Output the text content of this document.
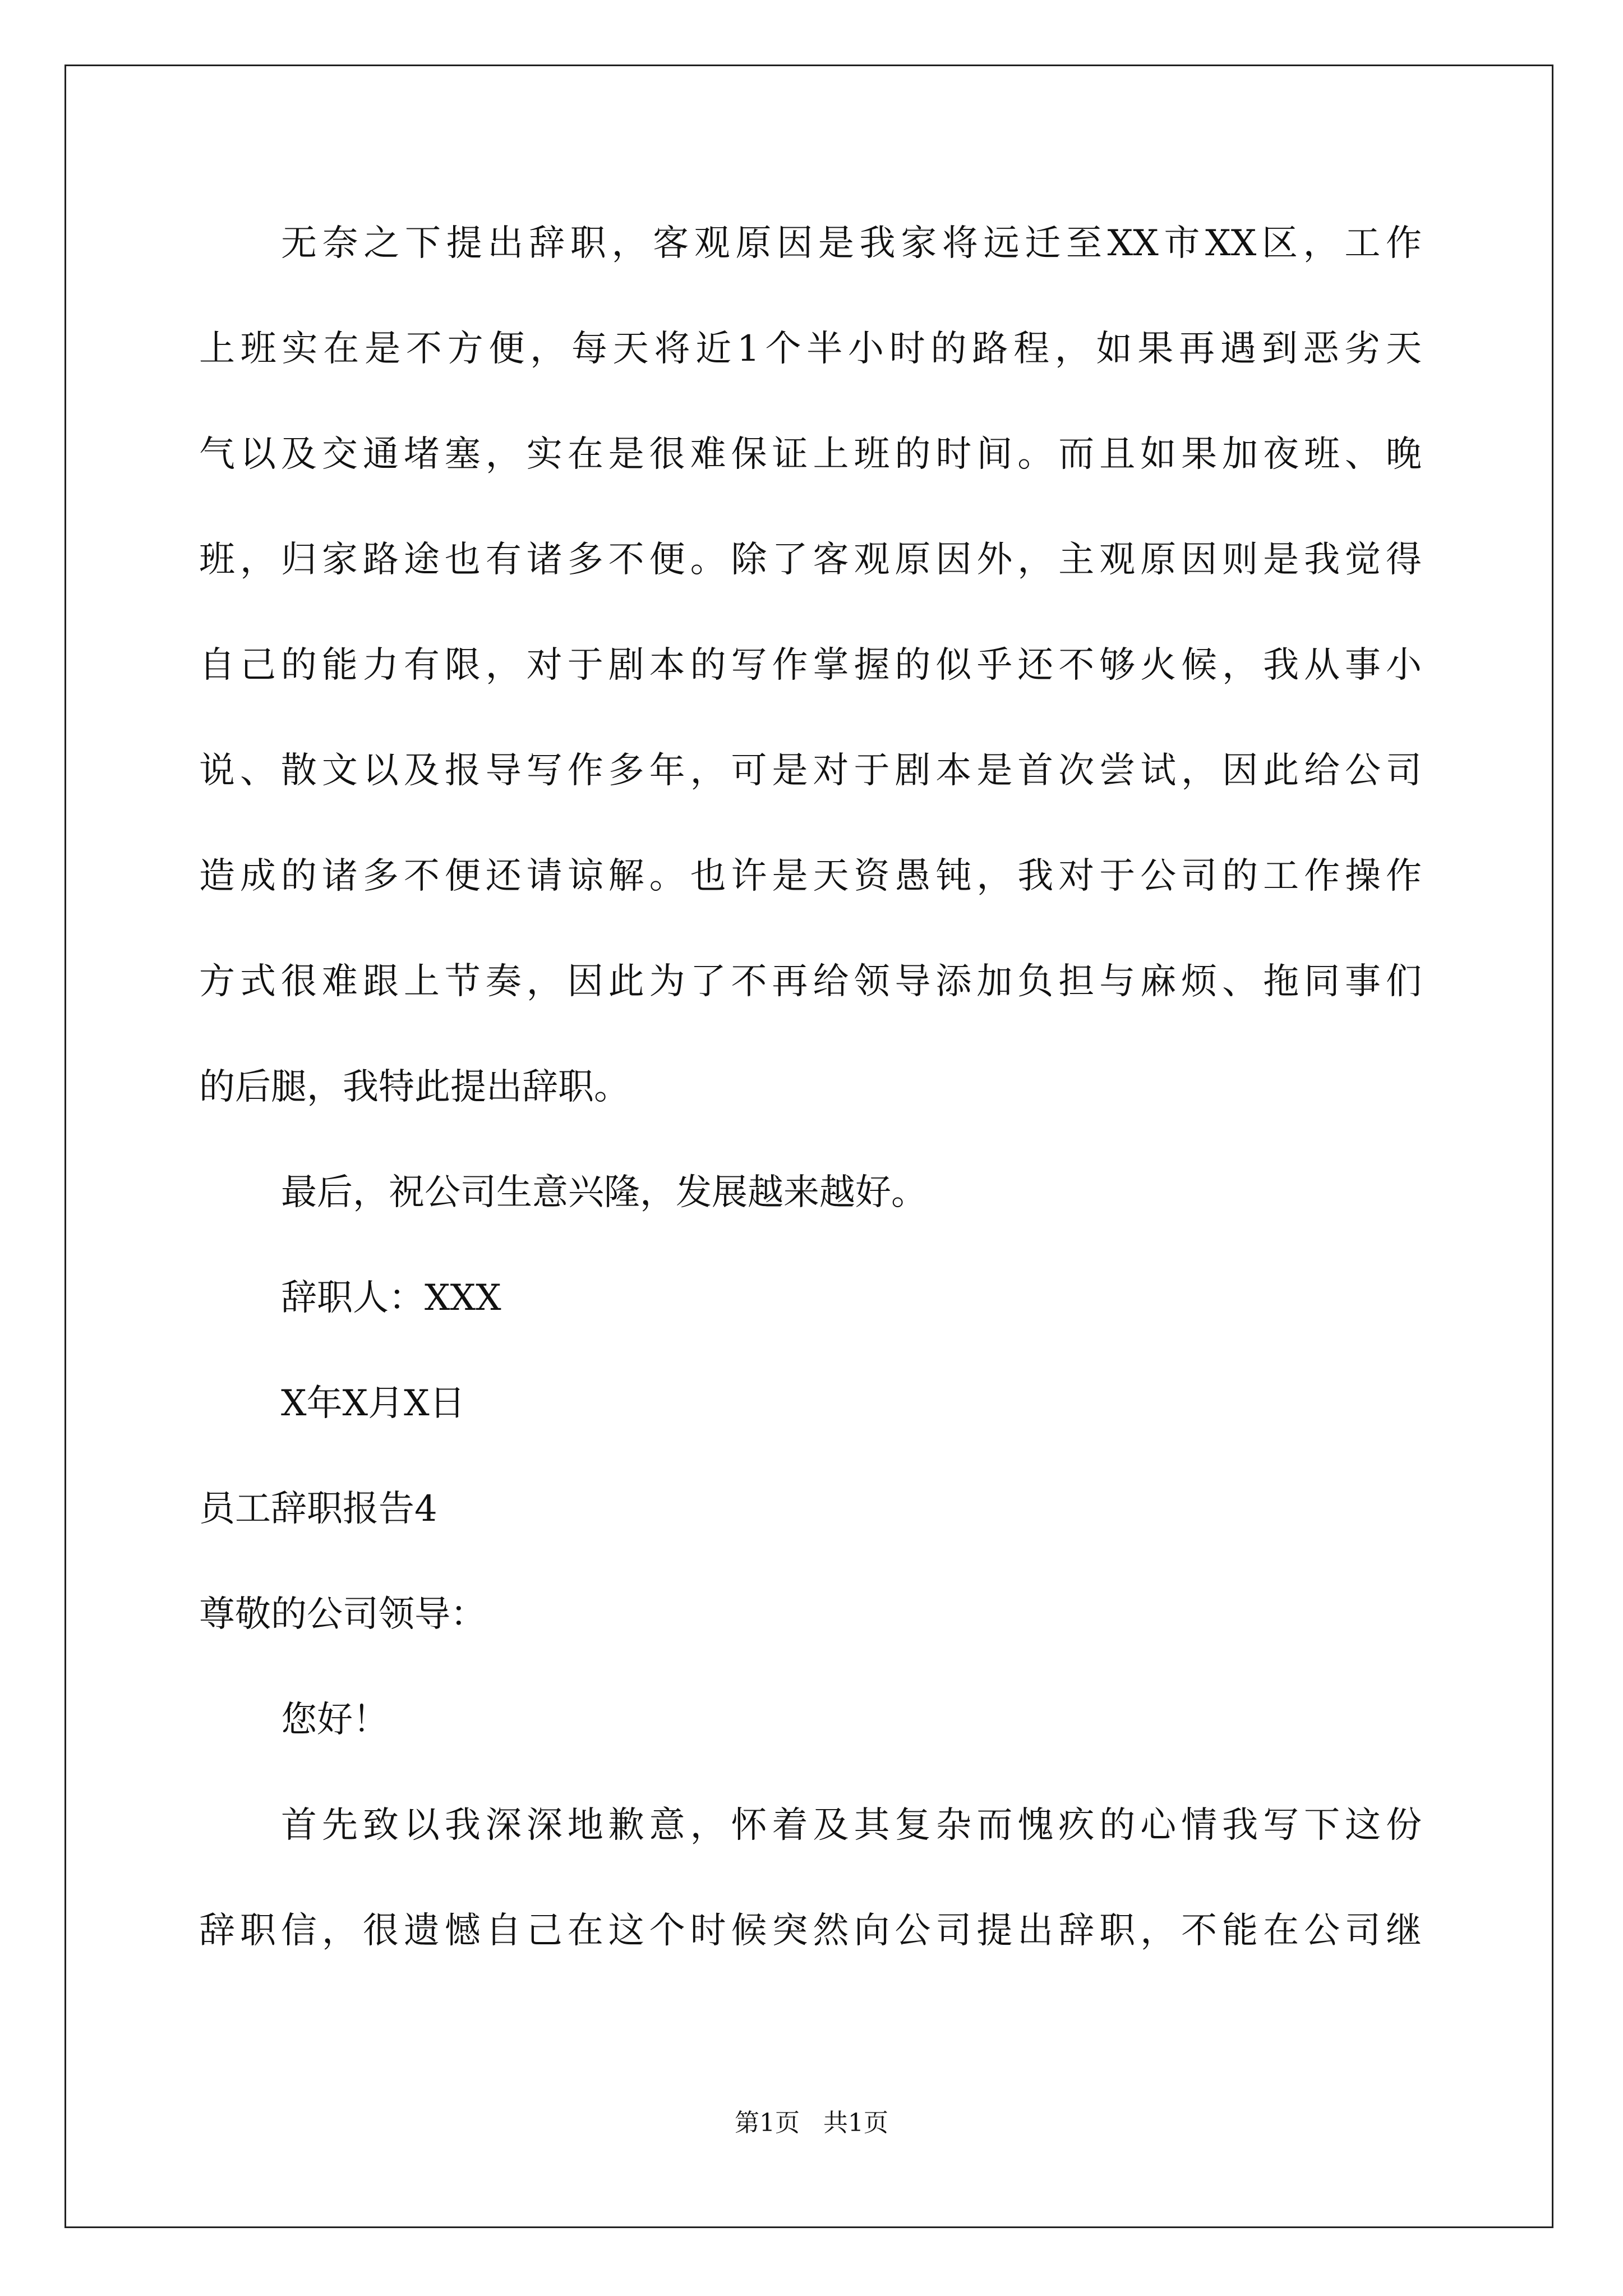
无奈之下提出辞职，客观原因是我家将远迁至XX市XX区，工作
上班实在是不方便，每天将近1个半小时的路程，如果再遇到恶劣天
气以及交通堵塞，实在是很难保证上班的时间。而且如果加夜班、晚
班，归家路途也有诸多不便。除了客观原因外，主观原因则是我觉得
自己的能力有限，对于剧本的写作掌握的似乎还不够火候，我从事小
说、散文以及报导写作多年，可是对于剧本是首次尝试，因此给公司
造成的诸多不便还请谅解。也许是天资愚钝，我对于公司的工作操作
方式很难跟上节奏，因此为了不再给领导添加负担与麻烦、拖同事们
的后腿，我特此提出辞职。
最后，祝公司生意兴隆，发展越来越好。
辞职人：XXX
X年X月X日
员工辞职报告4
尊敬的公司领导：
您好！
首先致以我深深地歉意，怀着及其复杂而愧疚的心情我写下这份
辞职信，很遗憾自己在这个时候突然向公司提出辞职，不能在公司继
第1页   共1页
